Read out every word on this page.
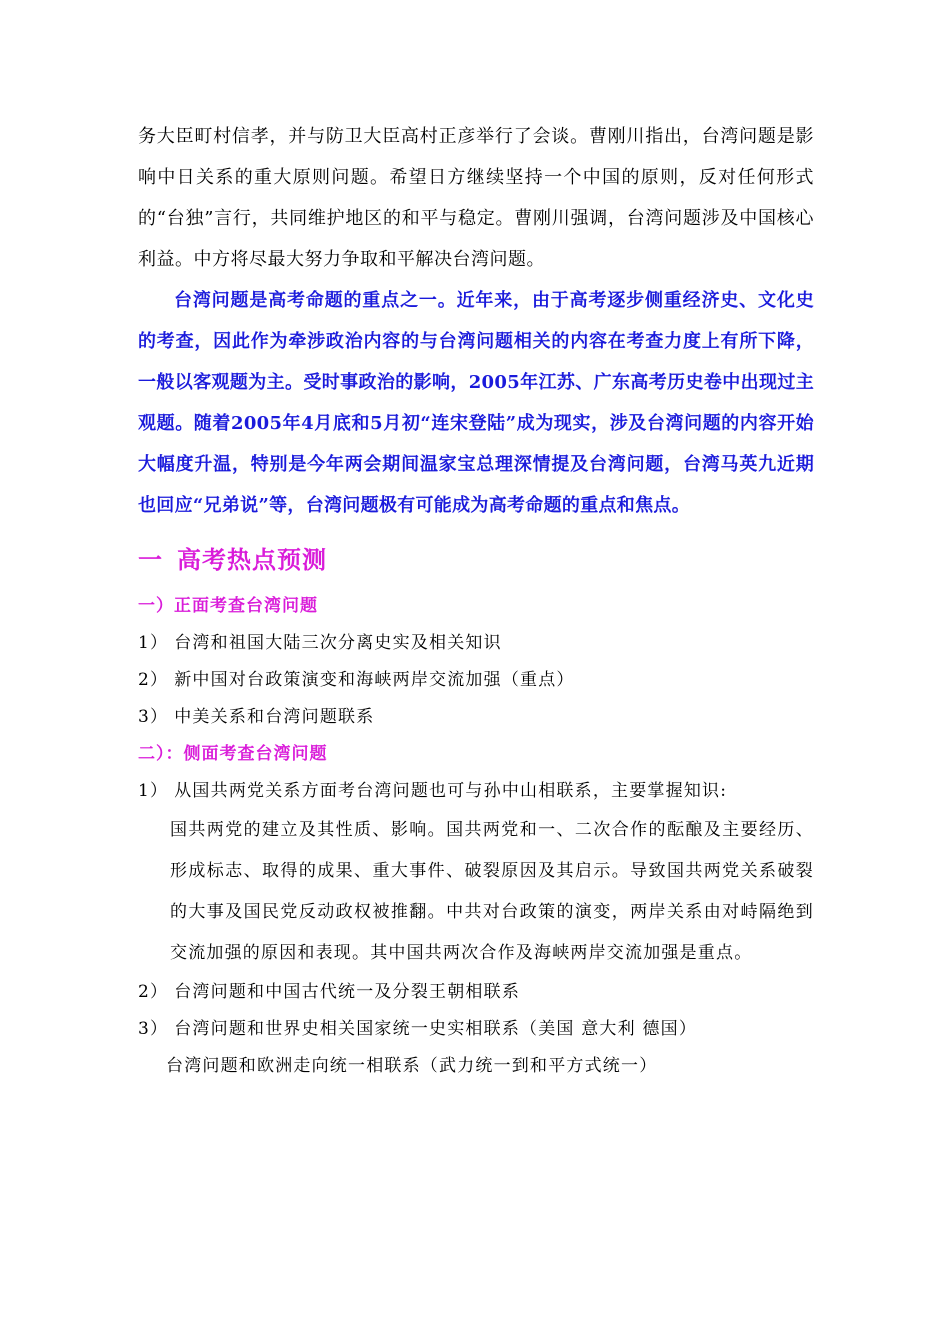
务大臣町村信孝，并与防卫大臣高村正彦举行了会谈。曹刚川指出，台湾问题是影响中日关系的重大原则问题。希望日方继续坚持一个中国的原则，反对任何形式的“台独”言行，共同维护地区的和平与稳定。曹刚川强调，台湾问题涉及中国核心利益。中方将尽最大努力争取和平解决台湾问题。

台湾问题是高考命题的重点之一。近年来，由于高考逐步侧重经济史、文化史的考查，因此作为牵涉政治内容的与台湾问题相关的内容在考查力度上有所下降，一般以客观题为主。受时事政治的影响，2005年江苏、广东高考历史卷中出现过主观题。随着2005年4月底和5月初“连宋登陆”成为现实，涉及台湾问题的内容开始大幅度升温，特别是今年两会期间温家宝总理深情提及台湾问题，台湾马英九近期也回应“兄弟说”等，台湾问题极有可能成为高考命题的重点和焦点。

一 高考热点预测
一）正面考查台湾问题

1） 台湾和祖国大陆三次分离史实及相关知识

2） 新中国对台政策演变和海峡两岸交流加强（重点）

3） 中美关系和台湾问题联系

二）：侧面考查台湾问题

1） 从国共两党关系方面考台湾问题也可与孙中山相联系，主要掌握知识:

国共两党的建立及其性质、影响。国共两党和一、二次合作的酝酿及主要经历、形成标志、取得的成果、重大事件、破裂原因及其启示。导致国共两党关系破裂的大事及国民党反动政权被推翻。中共对台政策的演变，两岸关系由对峙隔绝到交流加强的原因和表现。其中国共两次合作及海峡两岸交流加强是重点。

2） 台湾问题和中国古代统一及分裂王朝相联系

3） 台湾问题和世界史相关国家统一史实相联系（美国 意大利 德国）

台湾问题和欧洲走向统一相联系（武力统一到和平方式统一）
